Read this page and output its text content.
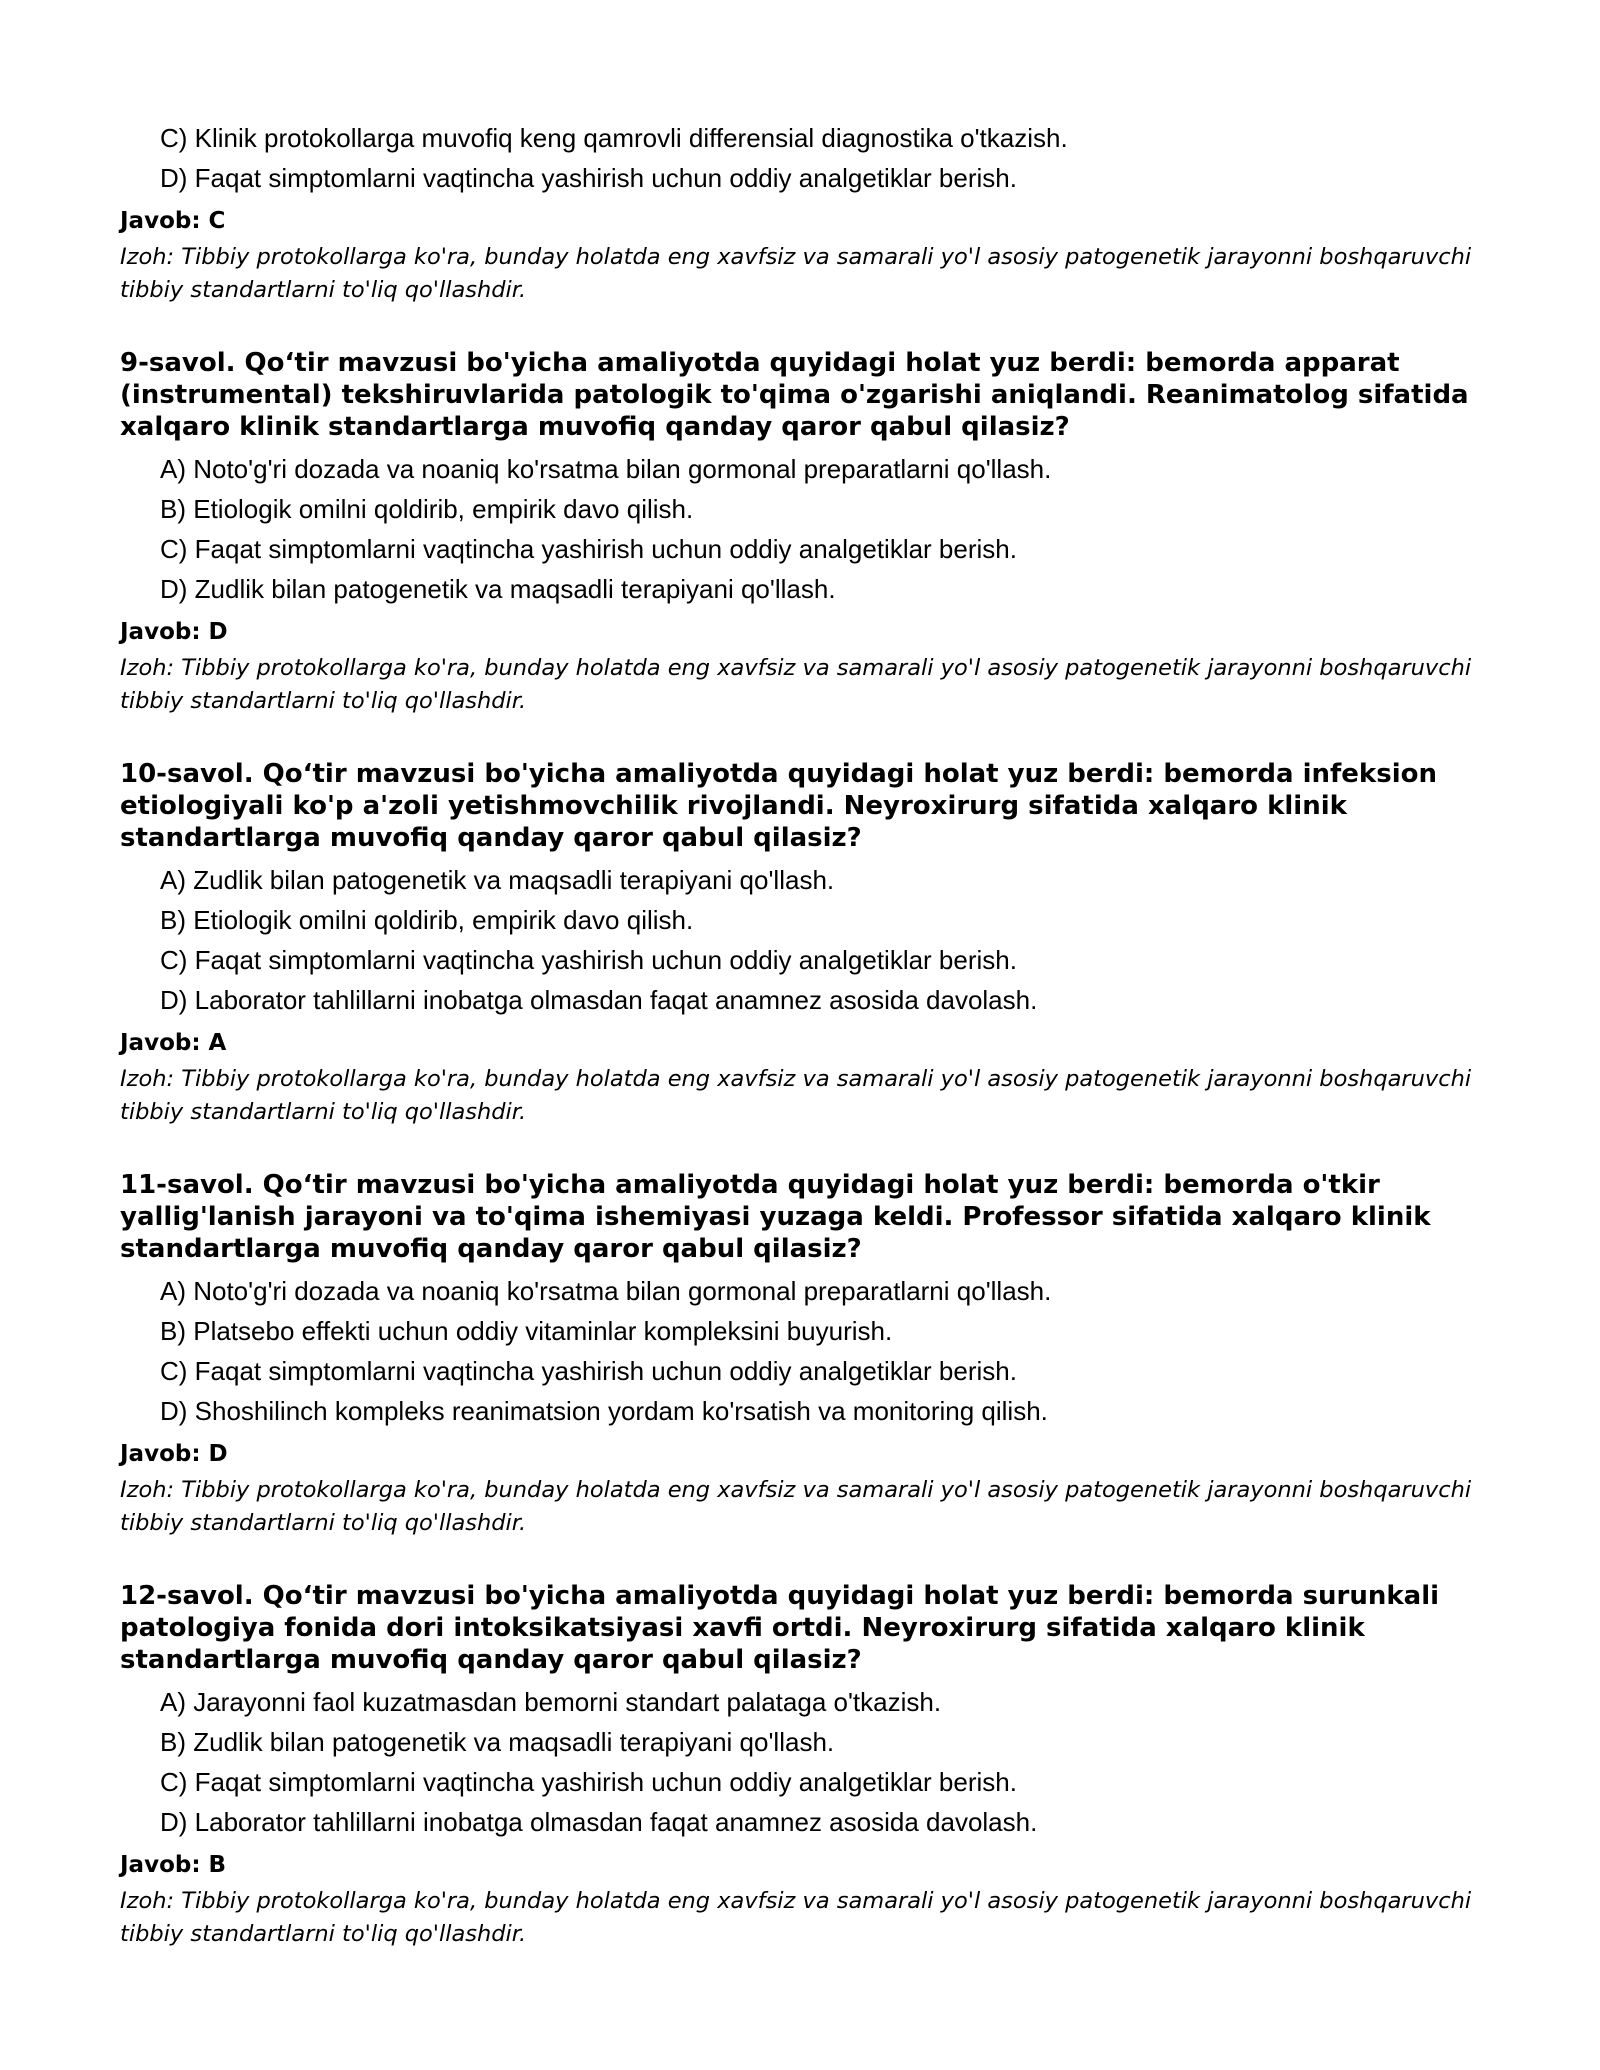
C) Klinik protokollarga muvofiq keng qamrovli differensial diagnostika o'tkazish.
D) Faqat simptomlarni vaqtincha yashirish uchun oddiy analgetiklar berish.
Javob: C
Izoh: Tibbiy protokollarga ko'ra, bunday holatda eng xavfsiz va samarali yo'l asosiy patogenetik jarayonni boshqaruvchi tibbiy standartlarni to'liq qo'llashdir.
9-savol. Qo‘tir mavzusi bo'yicha amaliyotda quyidagi holat yuz berdi: bemorda apparat (instrumental) tekshiruvlarida patologik to'qima o'zgarishi aniqlandi. Reanimatolog sifatida xalqaro klinik standartlarga muvofiq qanday qaror qabul qilasiz?
A) Noto'g'ri dozada va noaniq ko'rsatma bilan gormonal preparatlarni qo'llash.
B) Etiologik omilni qoldirib, empirik davo qilish.
C) Faqat simptomlarni vaqtincha yashirish uchun oddiy analgetiklar berish.
D) Zudlik bilan patogenetik va maqsadli terapiyani qo'llash.
Javob: D
Izoh: Tibbiy protokollarga ko'ra, bunday holatda eng xavfsiz va samarali yo'l asosiy patogenetik jarayonni boshqaruvchi tibbiy standartlarni to'liq qo'llashdir.
10-savol. Qo‘tir mavzusi bo'yicha amaliyotda quyidagi holat yuz berdi: bemorda infeksion etiologiyali ko'p a'zoli yetishmovchilik rivojlandi. Neyroxirurg sifatida xalqaro klinik standartlarga muvofiq qanday qaror qabul qilasiz?
A) Zudlik bilan patogenetik va maqsadli terapiyani qo'llash.
B) Etiologik omilni qoldirib, empirik davo qilish.
C) Faqat simptomlarni vaqtincha yashirish uchun oddiy analgetiklar berish.
D) Laborator tahlillarni inobatga olmasdan faqat anamnez asosida davolash.
Javob: A
Izoh: Tibbiy protokollarga ko'ra, bunday holatda eng xavfsiz va samarali yo'l asosiy patogenetik jarayonni boshqaruvchi tibbiy standartlarni to'liq qo'llashdir.
11-savol. Qo‘tir mavzusi bo'yicha amaliyotda quyidagi holat yuz berdi: bemorda o'tkir yallig'lanish jarayoni va to'qima ishemiyasi yuzaga keldi. Professor sifatida xalqaro klinik standartlarga muvofiq qanday qaror qabul qilasiz?
A) Noto'g'ri dozada va noaniq ko'rsatma bilan gormonal preparatlarni qo'llash.
B) Platsebo effekti uchun oddiy vitaminlar kompleksini buyurish.
C) Faqat simptomlarni vaqtincha yashirish uchun oddiy analgetiklar berish.
D) Shoshilinch kompleks reanimatsion yordam ko'rsatish va monitoring qilish.
Javob: D
Izoh: Tibbiy protokollarga ko'ra, bunday holatda eng xavfsiz va samarali yo'l asosiy patogenetik jarayonni boshqaruvchi tibbiy standartlarni to'liq qo'llashdir.
12-savol. Qo‘tir mavzusi bo'yicha amaliyotda quyidagi holat yuz berdi: bemorda surunkali patologiya fonida dori intoksikatsiyasi xavfi ortdi. Neyroxirurg sifatida xalqaro klinik standartlarga muvofiq qanday qaror qabul qilasiz?
A) Jarayonni faol kuzatmasdan bemorni standart palataga o'tkazish.
B) Zudlik bilan patogenetik va maqsadli terapiyani qo'llash.
C) Faqat simptomlarni vaqtincha yashirish uchun oddiy analgetiklar berish.
D) Laborator tahlillarni inobatga olmasdan faqat anamnez asosida davolash.
Javob: B
Izoh: Tibbiy protokollarga ko'ra, bunday holatda eng xavfsiz va samarali yo'l asosiy patogenetik jarayonni boshqaruvchi tibbiy standartlarni to'liq qo'llashdir.
